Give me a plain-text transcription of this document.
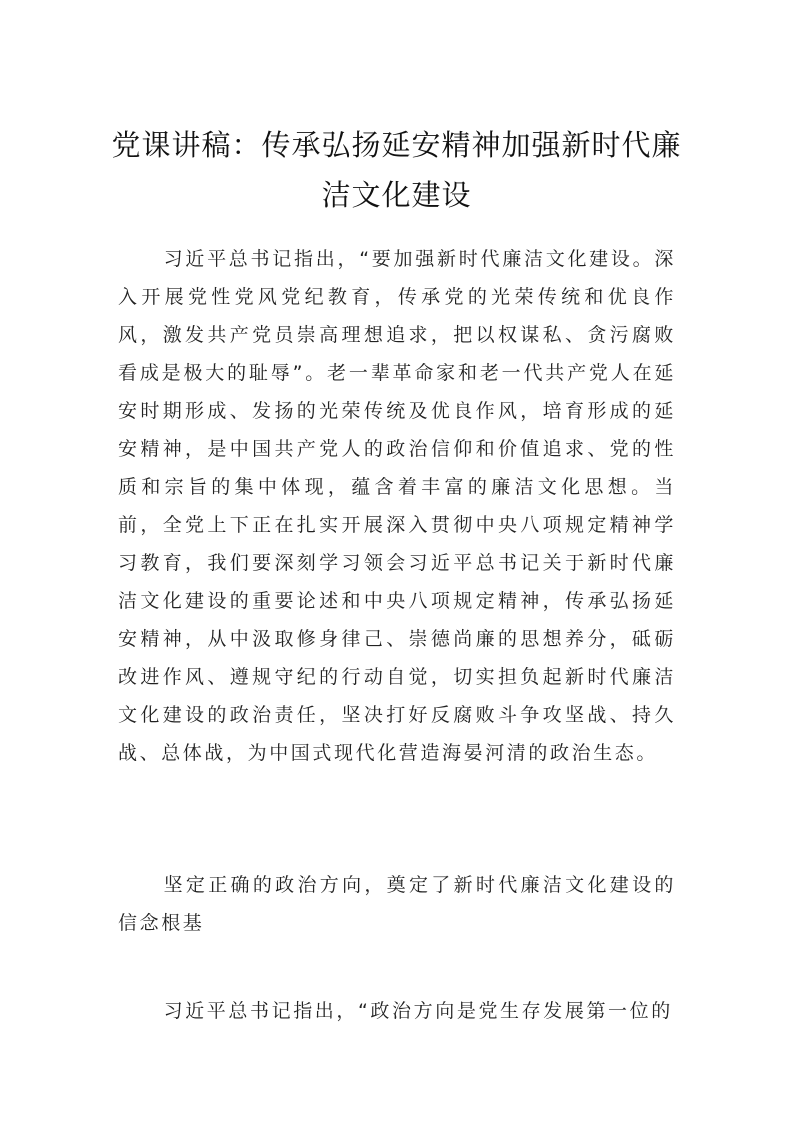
党课讲稿：传承弘扬延安精神加强新时代廉洁文化建设

习近平总书记指出，“要加强新时代廉洁文化建设。深入开展党性党风党纪教育，传承党的光荣传统和优良作风，激发共产党员崇高理想追求，把以权谋私、贪污腐败看成是极大的耻辱”。老一辈革命家和老一代共产党人在延安时期形成、发扬的光荣传统及优良作风，培育形成的延安精神，是中国共产党人的政治信仰和价值追求、党的性质和宗旨的集中体现，蕴含着丰富的廉洁文化思想。当前，全党上下正在扎实开展深入贯彻中央八项规定精神学习教育，我们要深刻学习领会习近平总书记关于新时代廉洁文化建设的重要论述和中央八项规定精神，传承弘扬延安精神，从中汲取修身律己、崇德尚廉的思想养分，砥砺改进作风、遵规守纪的行动自觉，切实担负起新时代廉洁文化建设的政治责任，坚决打好反腐败斗争攻坚战、持久战、总体战，为中国式现代化营造海晏河清的政治生态。

坚定正确的政治方向，奠定了新时代廉洁文化建设的信念根基

习近平总书记指出，“政治方向是党生存发展第一位的
